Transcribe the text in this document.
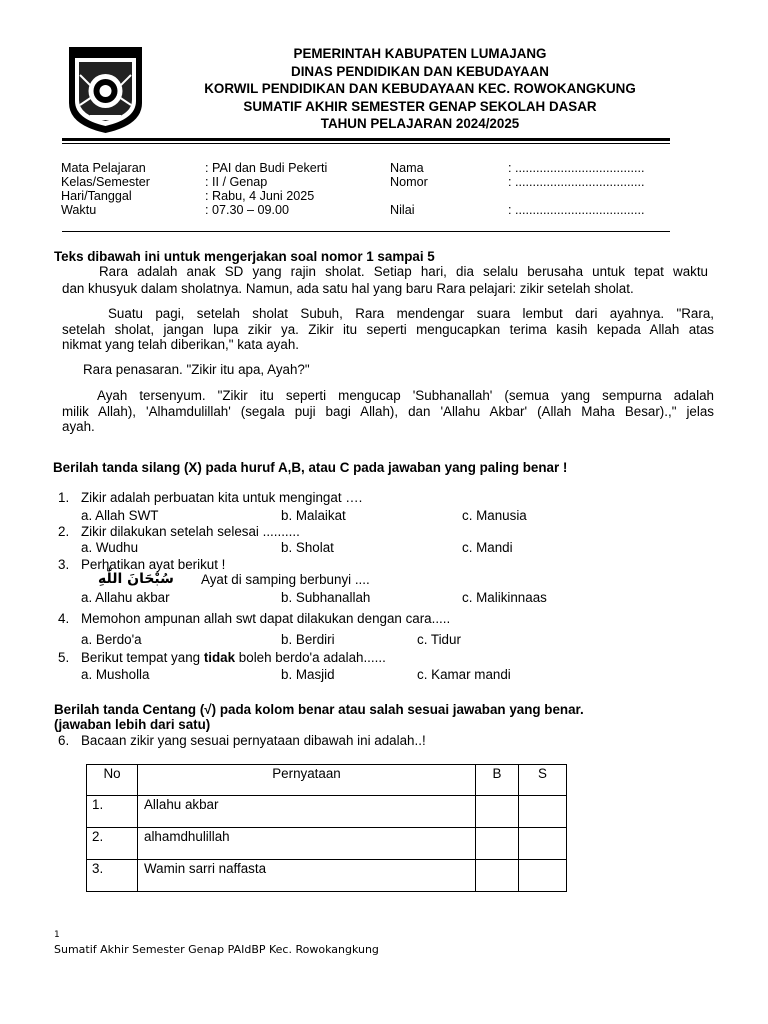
PEMERINTAH KABUPATEN LUMAJANG
DINAS PENDIDIKAN DAN KEBUDAYAAN
KORWIL PENDIDIKAN DAN KEBUDAYAAN KEC. ROWOKANGKUNG
SUMATIF AKHIR SEMESTER GENAP SEKOLAH DASAR
TAHUN PELAJARAN 2024/2025
Mata Pelajaran	: PAI dan Budi Pekerti
Kelas/Semester	: II / Genap
Hari/Tanggal	: Rabu, 4 Juni 2025
Waktu	: 07.30 – 09.00
Nama	: .....................................
Nomor	: .....................................
Nilai	: .....................................
Teks dibawah ini untuk mengerjakan soal nomor 1 sampai 5
Rara adalah anak SD yang rajin sholat. Setiap hari, dia selalu berusaha untuk tepat waktu
dan khusyuk dalam sholatnya. Namun, ada satu hal yang baru Rara pelajari: zikir setelah sholat.
Suatu pagi, setelah sholat Subuh, Rara mendengar suara lembut dari ayahnya. "Rara,
setelah sholat, jangan lupa zikir ya. Zikir itu seperti mengucapkan terima kasih kepada Allah atas
nikmat yang telah diberikan," kata ayah.
Rara penasaran. "Zikir itu apa, Ayah?"
Ayah tersenyum. "Zikir itu seperti mengucap 'Subhanallah' (semua yang sempurna adalah
milik Allah), 'Alhamdulillah' (segala puji bagi Allah), dan 'Allahu Akbar' (Allah Maha Besar).," jelas
ayah.
Berilah tanda silang (X) pada huruf A,B, atau C pada jawaban yang paling benar !
1. Zikir adalah perbuatan kita untuk mengingat ….
a. Allah SWT	b. Malaikat	c. Manusia
2. Zikir dilakukan setelah selesai ..........
a. Wudhu	b. Sholat	c. Mandi
3. Perhatikan ayat berikut !
سُبْحَانَ اللّٰهِ Ayat di samping berbunyi ....
a. Allahu akbar	b. Subhanallah	c. Malikinnaas
4. Memohon ampunan allah swt dapat dilakukan dengan cara.....
a. Berdo'a	b. Berdiri	c. Tidur
5. Berikut tempat yang tidak boleh berdo'a adalah......
a. Musholla	b. Masjid	c. Kamar mandi
Berilah tanda Centang (√) pada kolom benar atau salah sesuai jawaban yang benar.
(jawaban lebih dari satu)
6. Bacaan zikir yang sesuai pernyataan dibawah ini adalah..!
No	Pernyataan	B	S
1.	Allahu akbar		
2.	alhamdhulillah		
3.	Wamin sarri naffasta		
1
Sumatif Akhir Semester Genap PAIdBP Kec. Rowokangkung
